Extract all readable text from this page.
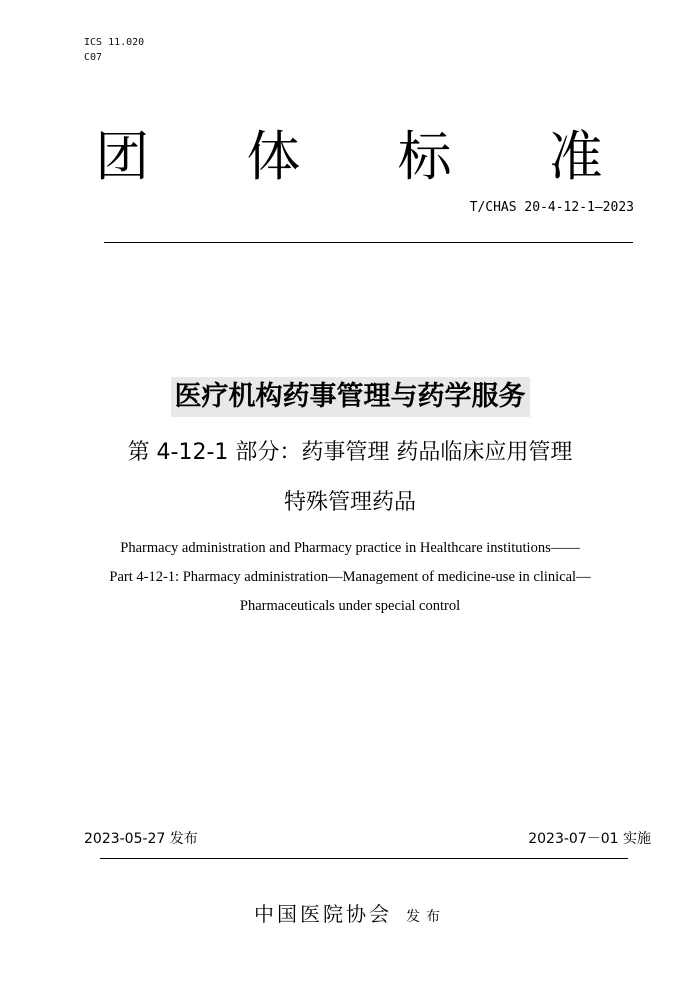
ICS 11.020
C07
团 体 标 准
T/CHAS 20-4-12-1—2023
医疗机构药事管理与药学服务
第 4-12-1 部分：药事管理 药品临床应用管理
特殊管理药品
Pharmacy administration and Pharmacy practice in Healthcare institutions——
Part 4-12-1: Pharmacy administration—Management of medicine-use in clinical—
Pharmaceuticals under special control
2023-05-27 发布	2023-07－01 实施
中国医院协会 发布
